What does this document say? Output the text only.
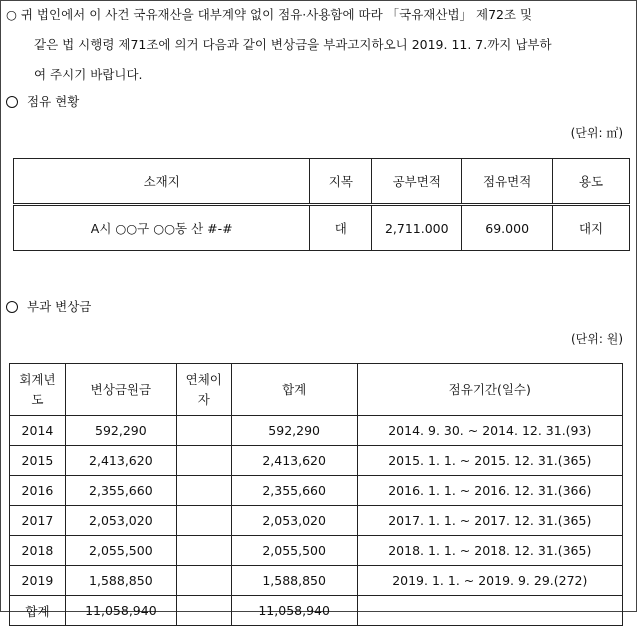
○ 귀 법인에서 이 사건 국유재산을 대부계약 없이 점유·사용함에 따라 「국유재산법」 제72조 및
같은 법 시행령 제71조에 의거 다음과 같이 변상금을 부과고지하오니 2019. 11. 7.까지 납부하
여 주시기 바랍니다.
점유 현황
(단위: ㎡)
소재지	지목	공부면적	점유면적	용도
A시 ○○구 ○○동 산 #-#	대	2,711.000	69.000	대지
부과 변상금
(단위: 원)
회계년도	변상금원금	연체이자	합계	점유기간(일수)
2014	592,290		592,290	2014. 9. 30. ~ 2014. 12. 31.(93)
2015	2,413,620		2,413,620	2015. 1. 1. ~ 2015. 12. 31.(365)
2016	2,355,660		2,355,660	2016. 1. 1. ~ 2016. 12. 31.(366)
2017	2,053,020		2,053,020	2017. 1. 1. ~ 2017. 12. 31.(365)
2018	2,055,500		2,055,500	2018. 1. 1. ~ 2018. 12. 31.(365)
2019	1,588,850		1,588,850	2019. 1. 1. ~ 2019. 9. 29.(272)
합계	11,058,940		11,058,940	
